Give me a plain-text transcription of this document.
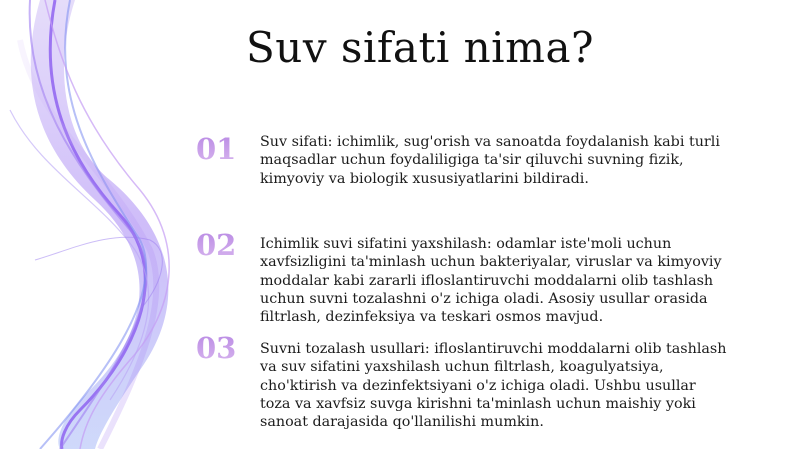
Suv sifati nima?
01	Suv sifati: ichimlik, sug'orish va sanoatda foydalanish kabi turli maqsadlar uchun foydaliligiga ta'sir qiluvchi suvning fizik, kimyoviy va biologik xususiyatlarini bildiradi.
02	Ichimlik suvi sifatini yaxshilash: odamlar iste'moli uchun xavfsizligini ta'minlash uchun bakteriyalar, viruslar va kimyoviy moddalar kabi zararli ifloslantiruvchi moddalarni olib tashlash uchun suvni tozalashni o'z ichiga oladi. Asosiy usullar orasida filtrlash, dezinfeksiya va teskari osmos mavjud.
03	Suvni tozalash usullari: ifloslantiruvchi moddalarni olib tashlash va suv sifatini yaxshilash uchun filtrlash, koagulyatsiya, cho'ktirish va dezinfektsiyani o'z ichiga oladi. Ushbu usullar toza va xavfsiz suvga kirishni ta'minlash uchun maishiy yoki sanoat darajasida qo'llanilishi mumkin.
